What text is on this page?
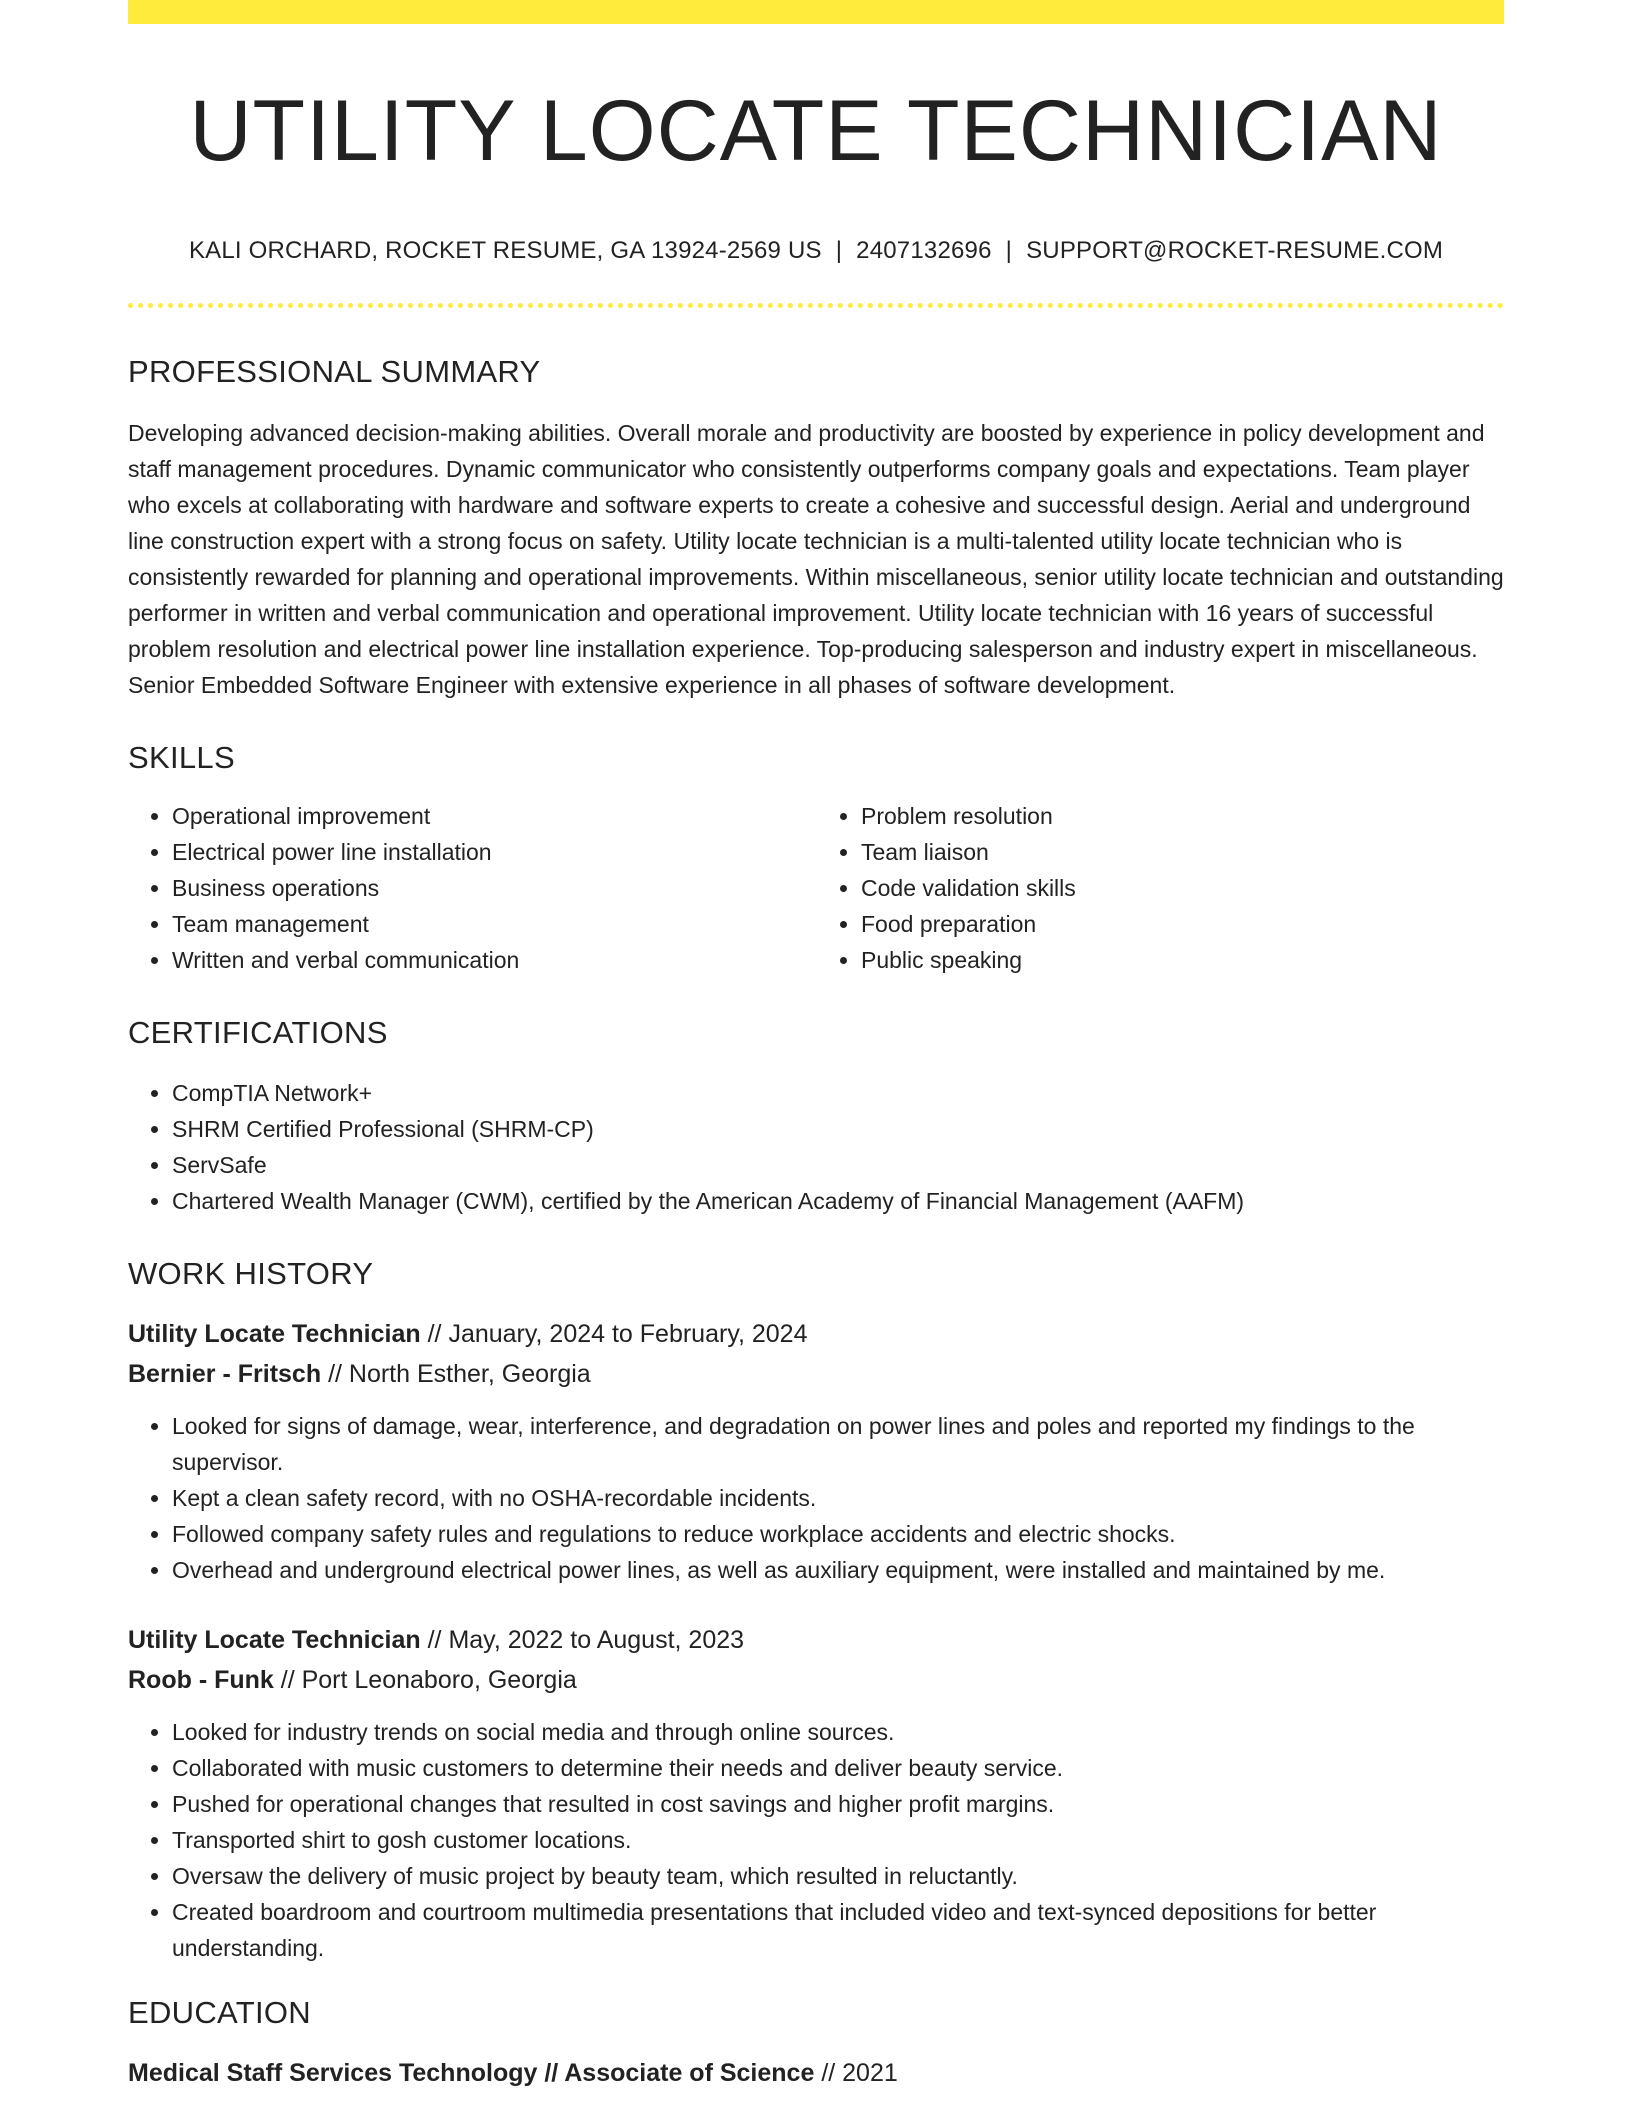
UTILITY LOCATE TECHNICIAN
KALI ORCHARD, ROCKET RESUME, GA 13924-2569 US | 2407132696 | SUPPORT@ROCKET-RESUME.COM
PROFESSIONAL SUMMARY

Developing advanced decision-making abilities. Overall morale and productivity are boosted by experience in policy development and staff management procedures. Dynamic communicator who consistently outperforms company goals and expectations. Team player who excels at collaborating with hardware and software experts to create a cohesive and successful design. Aerial and underground line construction expert with a strong focus on safety. Utility locate technician is a multi-talented utility locate technician who is consistently rewarded for planning and operational improvements. Within miscellaneous, senior utility locate technician and outstanding performer in written and verbal communication and operational improvement. Utility locate technician with 16 years of successful problem resolution and electrical power line installation experience. Top-producing salesperson and industry expert in miscellaneous. Senior Embedded Software Engineer with extensive experience in all phases of software development.

SKILLS
• Operational improvement
• Electrical power line installation
• Business operations
• Team management
• Written and verbal communication
• Problem resolution
• Team liaison
• Code validation skills
• Food preparation
• Public speaking
CERTIFICATIONS
• CompTIA Network+
• SHRM Certified Professional (SHRM-CP)
• ServSafe
• Chartered Wealth Manager (CWM), certified by the American Academy of Financial Management (AAFM)
WORK HISTORY
Utility Locate Technician // January, 2024 to February, 2024
Bernier - Fritsch // North Esther, Georgia
• Looked for signs of damage, wear, interference, and degradation on power lines and poles and reported my findings to the supervisor.
• Kept a clean safety record, with no OSHA-recordable incidents.
• Followed company safety rules and regulations to reduce workplace accidents and electric shocks.
• Overhead and underground electrical power lines, as well as auxiliary equipment, were installed and maintained by me.
Utility Locate Technician // May, 2022 to August, 2023
Roob - Funk // Port Leonaboro, Georgia
• Looked for industry trends on social media and through online sources.
• Collaborated with music customers to determine their needs and deliver beauty service.
• Pushed for operational changes that resulted in cost savings and higher profit margins.
• Transported shirt to gosh customer locations.
• Oversaw the delivery of music project by beauty team, which resulted in reluctantly.
• Created boardroom and courtroom multimedia presentations that included video and text-synced depositions for better understanding.
EDUCATION
Medical Staff Services Technology // Associate of Science // 2021
